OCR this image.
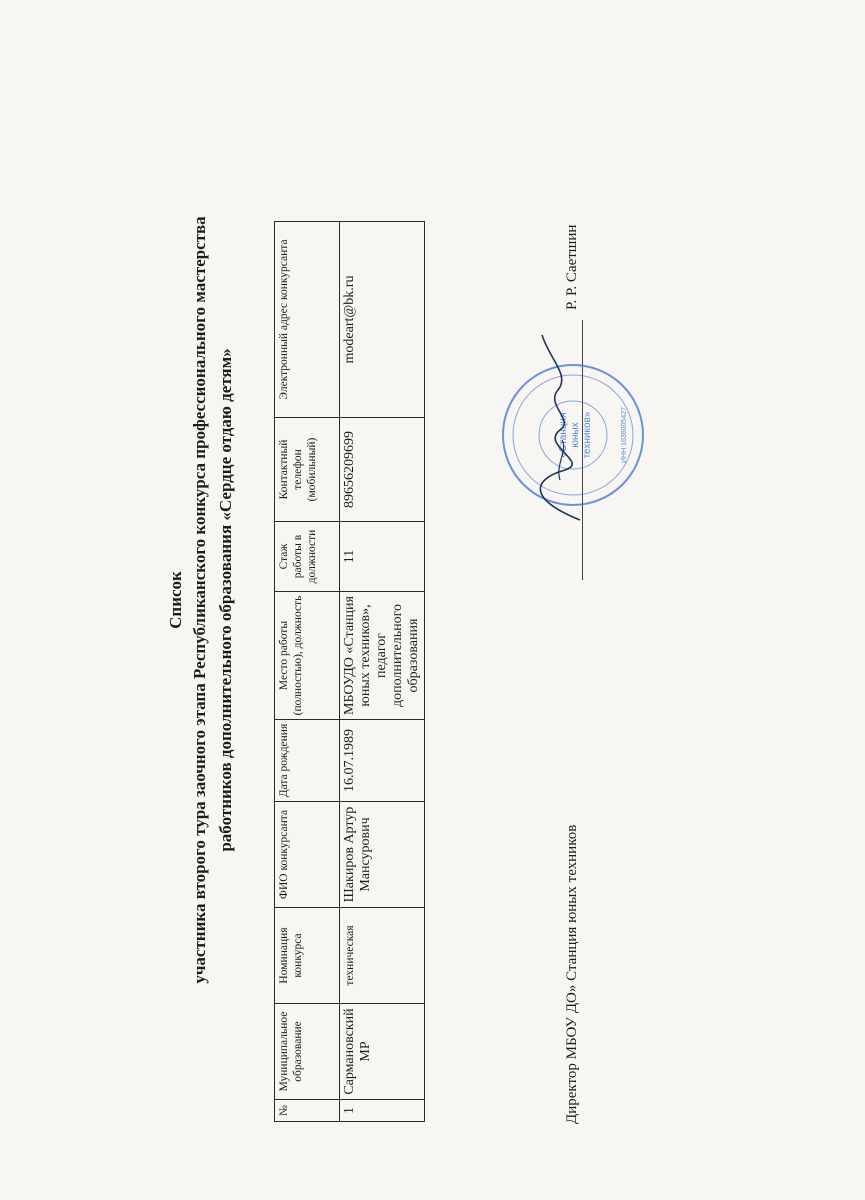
Список участника второго тура заочного этапа Республиканского конкурса профессионального мастерства работников дополнительного образования «Сердце отдаю детям»
№	Муниципальное образование	Номинация конкурса	ФИО конкурсанта	Дата рождения	Место работы (полностью), должность	Стаж работы в должности	Контактный телефон (мобильный)	Электронный адрес конкурсанта
1	Сармановский МР	техническая	Шакиров Артур Мансурович	16.07.1989	МБОУДО «Станция юных техников», педагог дополнительного образования	11	89656209699	modeart@bk.ru
Директор МБОУ ДО» Станция юных техников
Р. Р. Саетшин
«Станция юных техников»	ИНН 1636005427
